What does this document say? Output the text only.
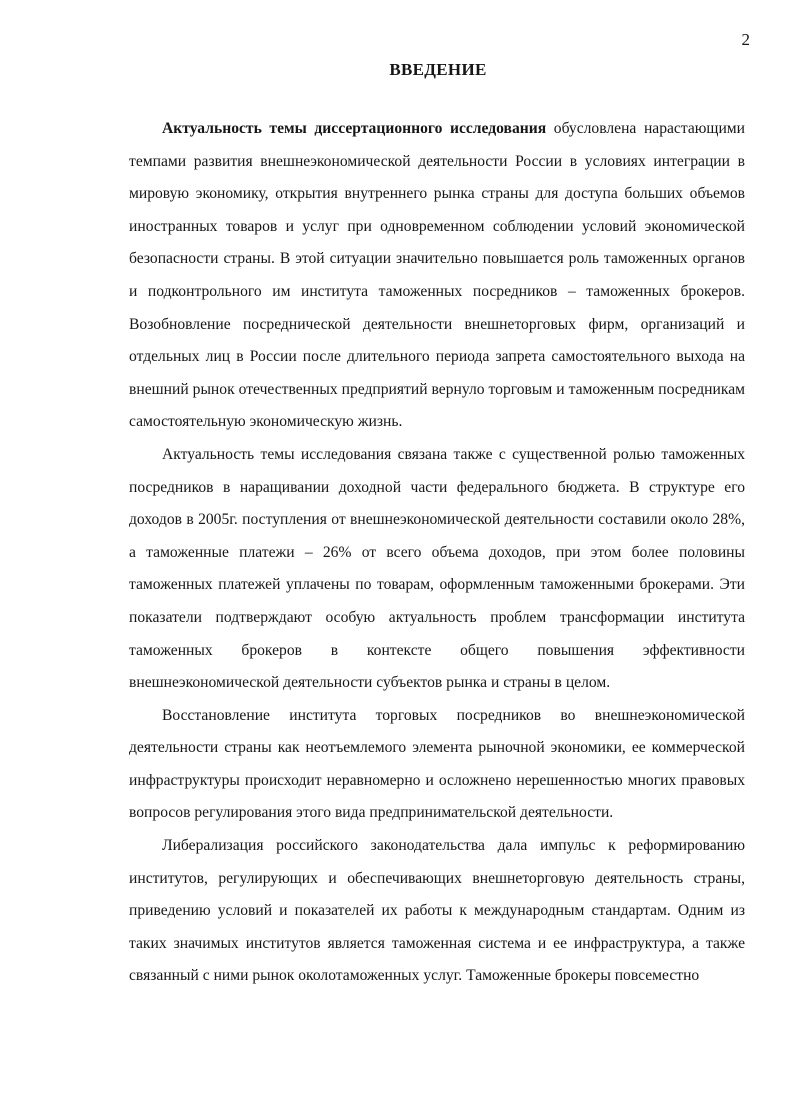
2
ВВЕДЕНИЕ

Актуальность темы диссертационного исследования обусловлена нарастающими темпами развития внешнеэкономической деятельности России в условиях интеграции в мировую экономику, открытия внутреннего рынка страны для доступа больших объемов иностранных товаров и услуг при одновременном соблюдении условий экономической безопасности страны. В этой ситуации значительно повышается роль таможенных органов и подконтрольного им института таможенных посредников – таможенных брокеров. Возобновление посреднической деятельности внешнеторговых фирм, организаций и отдельных лиц в России после длительного периода запрета самостоятельного выхода на внешний рынок отечественных предприятий вернуло торговым и таможенным посредникам самостоятельную экономическую жизнь.

Актуальность темы исследования связана также с существенной ролью таможенных посредников в наращивании доходной части федерального бюджета. В структуре его доходов в 2005г. поступления от внешнеэкономической деятельности составили около 28%, а таможенные платежи – 26% от всего объема доходов, при этом более половины таможенных платежей уплачены по товарам, оформленным таможенными брокерами. Эти показатели подтверждают особую актуальность проблем трансформации института таможенных брокеров в контексте общего повышения эффективности внешнеэкономической деятельности субъектов рынка и страны в целом.

Восстановление института торговых посредников во внешнеэкономической деятельности страны как неотъемлемого элемента рыночной экономики, ее коммерческой инфраструктуры происходит неравномерно и осложнено нерешенностью многих правовых вопросов регулирования этого вида предпринимательской деятельности.

Либерализация российского законодательства дала импульс к реформированию институтов, регулирующих и обеспечивающих внешнеторговую деятельность страны, приведению условий и показателей их работы к международным стандартам. Одним из таких значимых институтов является таможенная система и ее инфраструктура, а также связанный с ними рынок околотаможенных услуг. Таможенные брокеры повсеместно
